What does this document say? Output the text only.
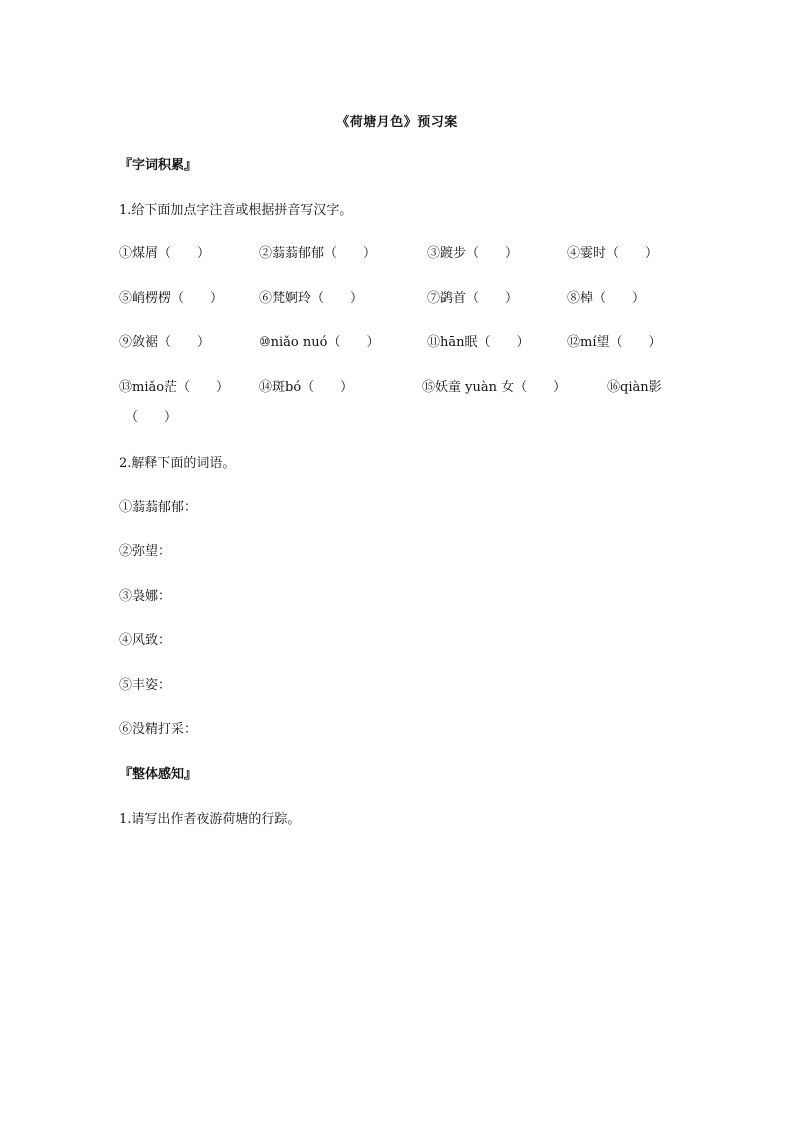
《荷塘月色》预习案
『字词积累』
1.给下面加点字注音或根据拼音写汉字。
①煤屑（　　）	②蓊蓊郁郁（　　）	③踱步（　　）	④霎时（　　）
⑤峭楞楞（　　）	⑥梵婀玲（　　）	⑦鹢首（　　）	⑧棹（　　）
⑨敛裾（　　）	⑩niǎo nuó（　　）	⑪hān眠（　　）	⑫mí望（　　）
⑬miǎo茫（　　） ⑭斑bó（　　）	⑮妖童 yuàn 女（　　）	⑯qiàn影
（　　）
2.解释下面的词语。
①蓊蓊郁郁：
②弥望：
③袅娜：
④风致：
⑤丰姿：
⑥没精打采：
『整体感知』
1.请写出作者夜游荷塘的行踪。
